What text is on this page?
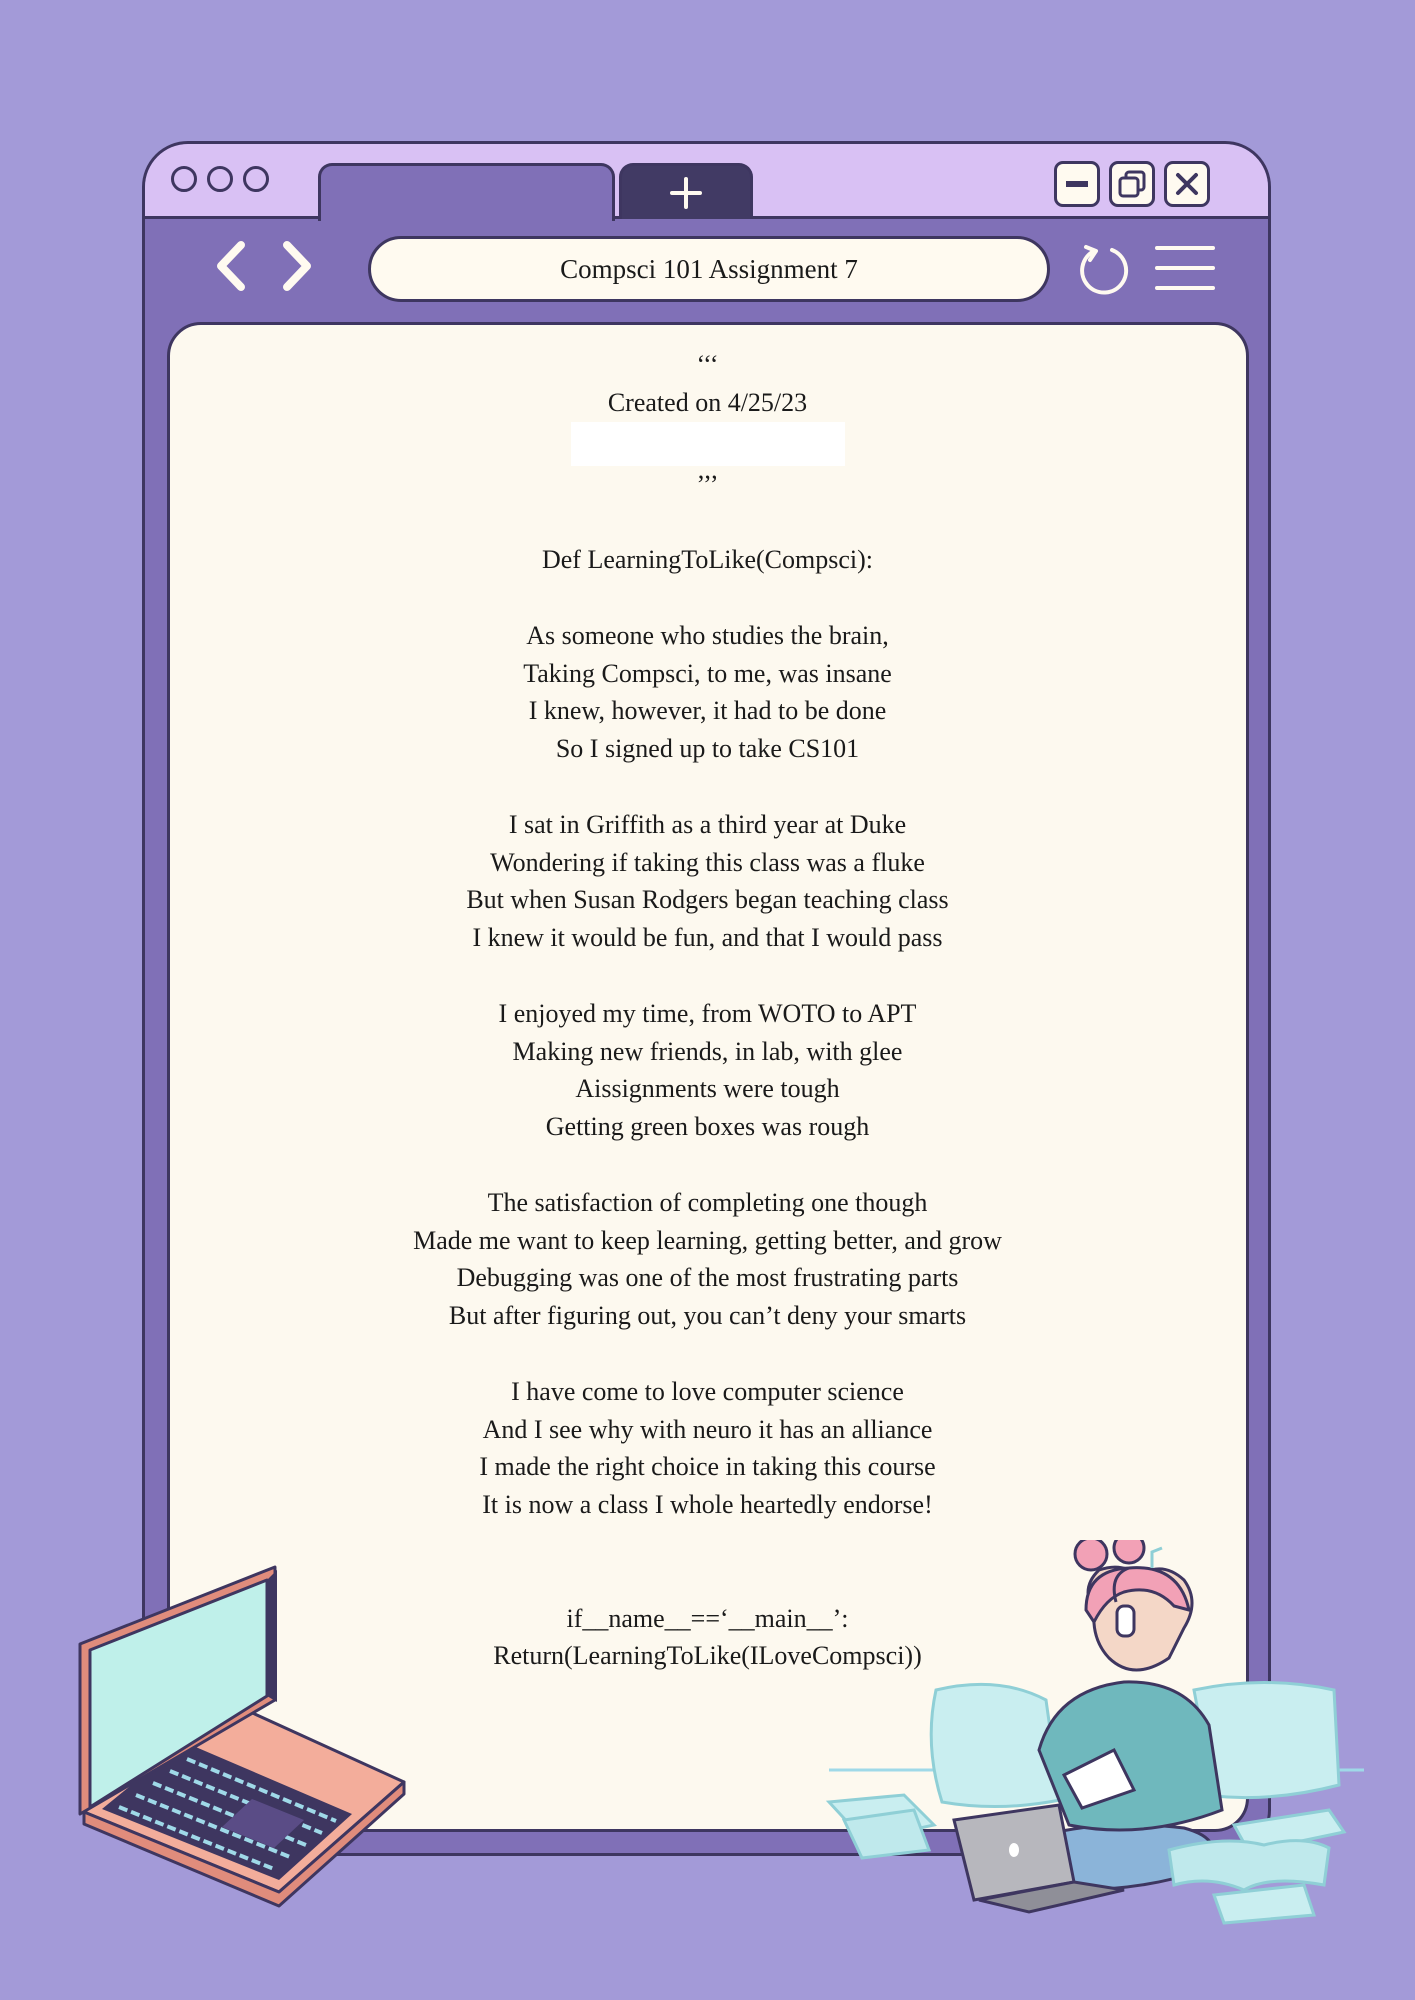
Compsci 101 Assignment 7
‘‘‘
Created on 4/25/23
’’’
Def LearningToLike(Compsci):
As someone who studies the brain,
Taking Compsci, to me, was insane
I knew, however, it had to be done
So I signed up to take CS101
I sat in Griffith as a third year at Duke
Wondering if taking this class was a fluke
But when Susan Rodgers began teaching class
I knew it would be fun, and that I would pass
I enjoyed my time, from WOTO to APT
Making new friends, in lab, with glee
Aissignments were tough
Getting green boxes was rough
The satisfaction of completing one though
Made me want to keep learning, getting better, and grow
Debugging was one of the most frustrating parts
But after figuring out, you can’t deny your smarts
I have come to love computer science
And I see why with neuro it has an alliance
I made the right choice in taking this course
It is now a class I whole heartedly endorse!
if__name__==‘__main__’:
Return(LearningToLike(ILoveCompsci))
